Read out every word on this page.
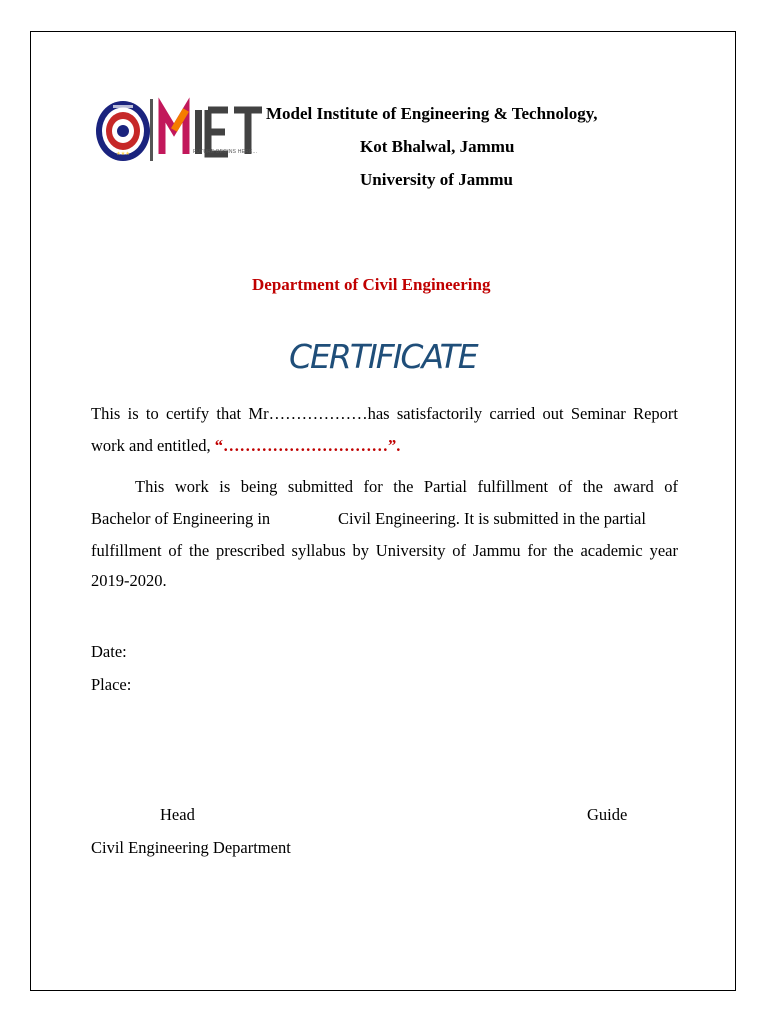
★★★	FUTURE BEGINS HERE...
Model Institute of Engineering & Technology,
Kot Bhalwal, Jammu
University of Jammu
Department of Civil Engineering
CERTIFICATE
This is to certify that Mr………………has satisfactorily carried out Seminar Report
work and entitled, “…………………………”.
This work is being submitted for the Partial fulfillment of the award of
Bachelor of Engineering in	Civil Engineering. It is submitted in the partial
fulfillment of the prescribed syllabus by University of Jammu for the academic year
2019-2020.
Date:
Place:
Head	Guide
Civil Engineering Department
